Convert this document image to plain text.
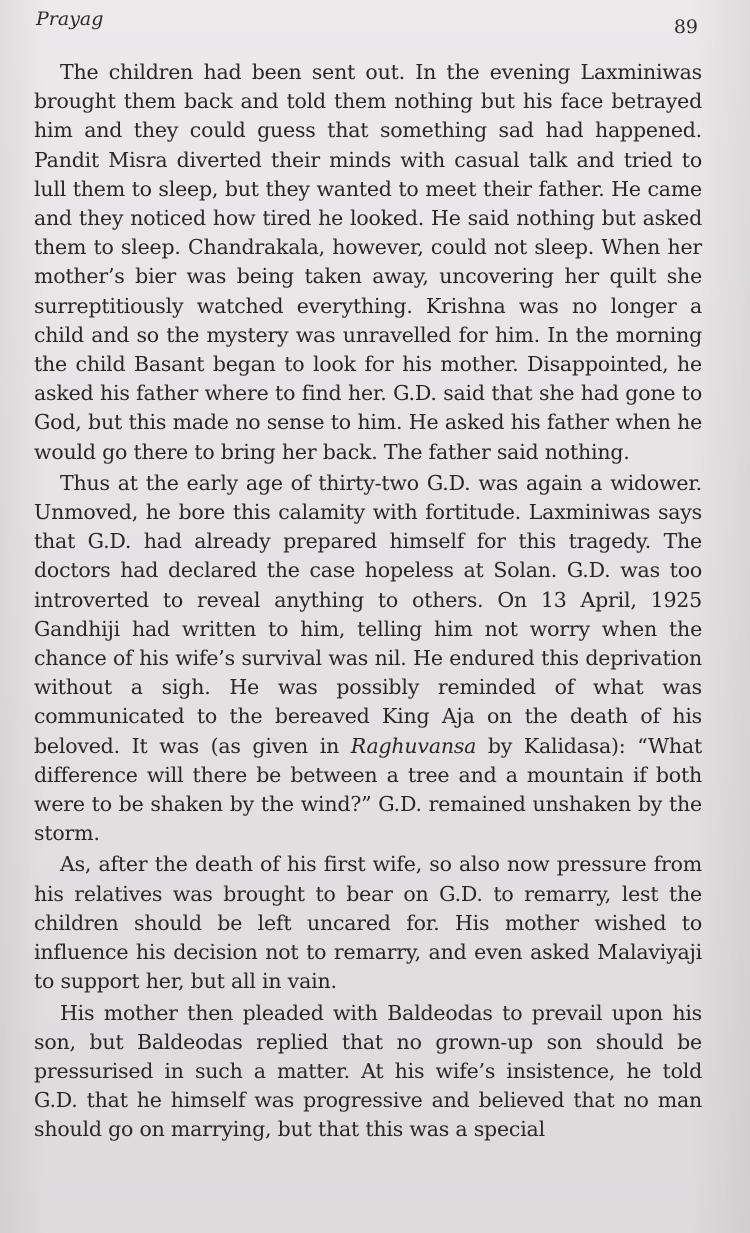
Prayag	89

The children had been sent out. In the evening Laxminiwas brought them back and told them nothing but his face betrayed him and they could guess that something sad had happened. Pandit Misra diverted their minds with casual talk and tried to lull them to sleep, but they wanted to meet their father. He came and they noticed how tired he looked. He said nothing but asked them to sleep. Chandrakala, however, could not sleep. When her mother’s bier was being taken away, uncovering her quilt she surreptitiously watched everything. Krishna was no longer a child and so the mystery was unravelled for him. In the morning the child Basant began to look for his mother. Disappointed, he asked his father where to find her. G.D. said that she had gone to God, but this made no sense to him. He asked his father when he would go there to bring her back. The father said nothing.

Thus at the early age of thirty-two G.D. was again a widower. Unmoved, he bore this calamity with fortitude. Laxminiwas says that G.D. had already prepared himself for this tragedy. The doctors had declared the case hopeless at Solan. G.D. was too introverted to reveal anything to others. On 13 April, 1925 Gandhiji had written to him, telling him not worry when the chance of his wife’s survival was nil. He endured this deprivation without a sigh. He was possibly reminded of what was communicated to the bereaved King Aja on the death of his beloved. It was (as given in Raghuvansa by Kalidasa): “What difference will there be between a tree and a mountain if both were to be shaken by the wind?” G.D. remained unshaken by the storm.

As, after the death of his first wife, so also now pressure from his relatives was brought to bear on G.D. to remarry, lest the children should be left uncared for. His mother wished to influence his decision not to remarry, and even asked Malaviyaji to support her, but all in vain.

His mother then pleaded with Baldeodas to prevail upon his son, but Baldeodas replied that no grown-up son should be pressurised in such a matter. At his wife’s insistence, he told G.D. that he himself was progressive and believed that no man should go on marrying, but that this was a special
